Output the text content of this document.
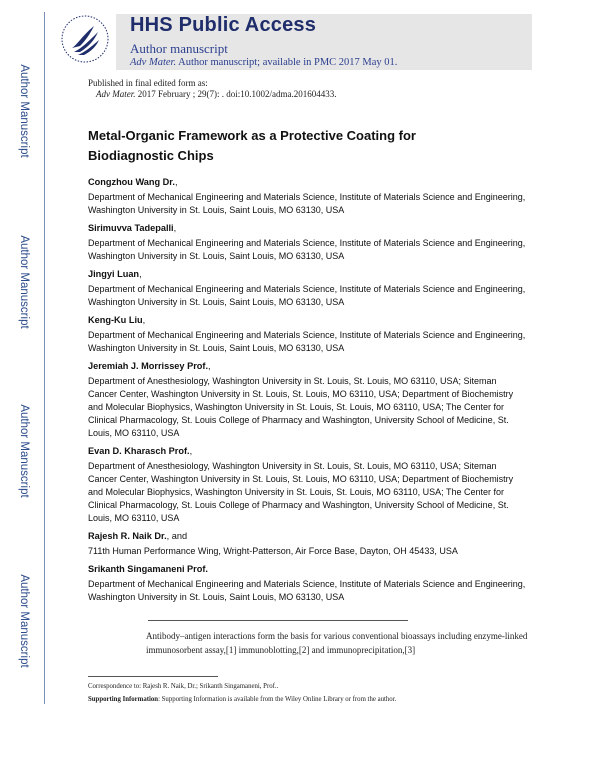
Author Manuscript
Author Manuscript
Author Manuscript
Author Manuscript
HHS Public Access
Author manuscript
Adv Mater. Author manuscript; available in PMC 2017 May 01.
Published in final edited form as:
Adv Mater. 2017 February ; 29(7): . doi:10.1002/adma.201604433.
Metal-Organic Framework as a Protective Coating for
Biodiagnostic Chips
Congzhou Wang Dr.,
Department of Mechanical Engineering and Materials Science, Institute of Materials Science and Engineering, Washington University in St. Louis, Saint Louis, MO 63130, USA
Sirimuvva Tadepalli,
Department of Mechanical Engineering and Materials Science, Institute of Materials Science and Engineering, Washington University in St. Louis, Saint Louis, MO 63130, USA
Jingyi Luan,
Department of Mechanical Engineering and Materials Science, Institute of Materials Science and Engineering, Washington University in St. Louis, Saint Louis, MO 63130, USA
Keng-Ku Liu,
Department of Mechanical Engineering and Materials Science, Institute of Materials Science and Engineering, Washington University in St. Louis, Saint Louis, MO 63130, USA
Jeremiah J. Morrissey Prof.,
Department of Anesthesiology, Washington University in St. Louis, St. Louis, MO 63110, USA; Siteman Cancer Center, Washington University in St. Louis, St. Louis, MO 63110, USA; Department of Biochemistry and Molecular Biophysics, Washington University in St. Louis, St. Louis, MO 63110, USA; The Center for Clinical Pharmacology, St. Louis College of Pharmacy and Washington, University School of Medicine, St. Louis, MO 63110, USA
Evan D. Kharasch Prof.,
Department of Anesthesiology, Washington University in St. Louis, St. Louis, MO 63110, USA; Siteman Cancer Center, Washington University in St. Louis, St. Louis, MO 63110, USA; Department of Biochemistry and Molecular Biophysics, Washington University in St. Louis, St. Louis, MO 63110, USA; The Center for Clinical Pharmacology, St. Louis College of Pharmacy and Washington, University School of Medicine, St. Louis, MO 63110, USA
Rajesh R. Naik Dr., and
711th Human Performance Wing, Wright-Patterson, Air Force Base, Dayton, OH 45433, USA
Srikanth Singamaneni Prof.
Department of Mechanical Engineering and Materials Science, Institute of Materials Science and Engineering, Washington University in St. Louis, Saint Louis, MO 63130, USA
Antibody–antigen interactions form the basis for various conventional bioassays including enzyme-linked immunosorbent assay,[1] immunoblotting,[2] and immunoprecipitation,[3]
Correspondence to: Rajesh R. Naik, Dr.; Srikanth Singamaneni, Prof..
Supporting Information: Supporting Information is available from the Wiley Online Library or from the author.
